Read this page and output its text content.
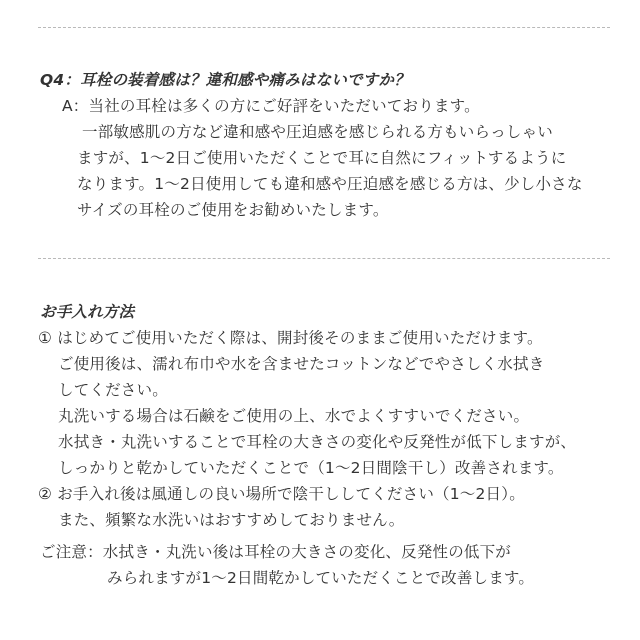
Q4：耳栓の装着感は？違和感や痛みはないですか？
A：当社の耳栓は多くの方にご好評をいただいております。
一部敏感肌の方など違和感や圧迫感を感じられる方もいらっしゃい
ますが、1〜2日ご使用いただくことで耳に自然にフィットするように
なります。1〜2日使用しても違和感や圧迫感を感じる方は、少し小さな
サイズの耳栓のご使用をお勧めいたします。
お手入れ方法
① はじめてご使用いただく際は、開封後そのままご使用いただけます。
ご使用後は、濡れ布巾や水を含ませたコットンなどでやさしく水拭き
してください。
丸洗いする場合は石鹸をご使用の上、水でよくすすいでください。
水拭き・丸洗いすることで耳栓の大きさの変化や反発性が低下しますが、
しっかりと乾かしていただくことで（1〜2日間陰干し）改善されます。
② お手入れ後は風通しの良い場所で陰干ししてください（1〜2日）。
また、頻繁な水洗いはおすすめしておりません。
ご注意：水拭き・丸洗い後は耳栓の大きさの変化、反発性の低下が
みられますが1〜2日間乾かしていただくことで改善します。
